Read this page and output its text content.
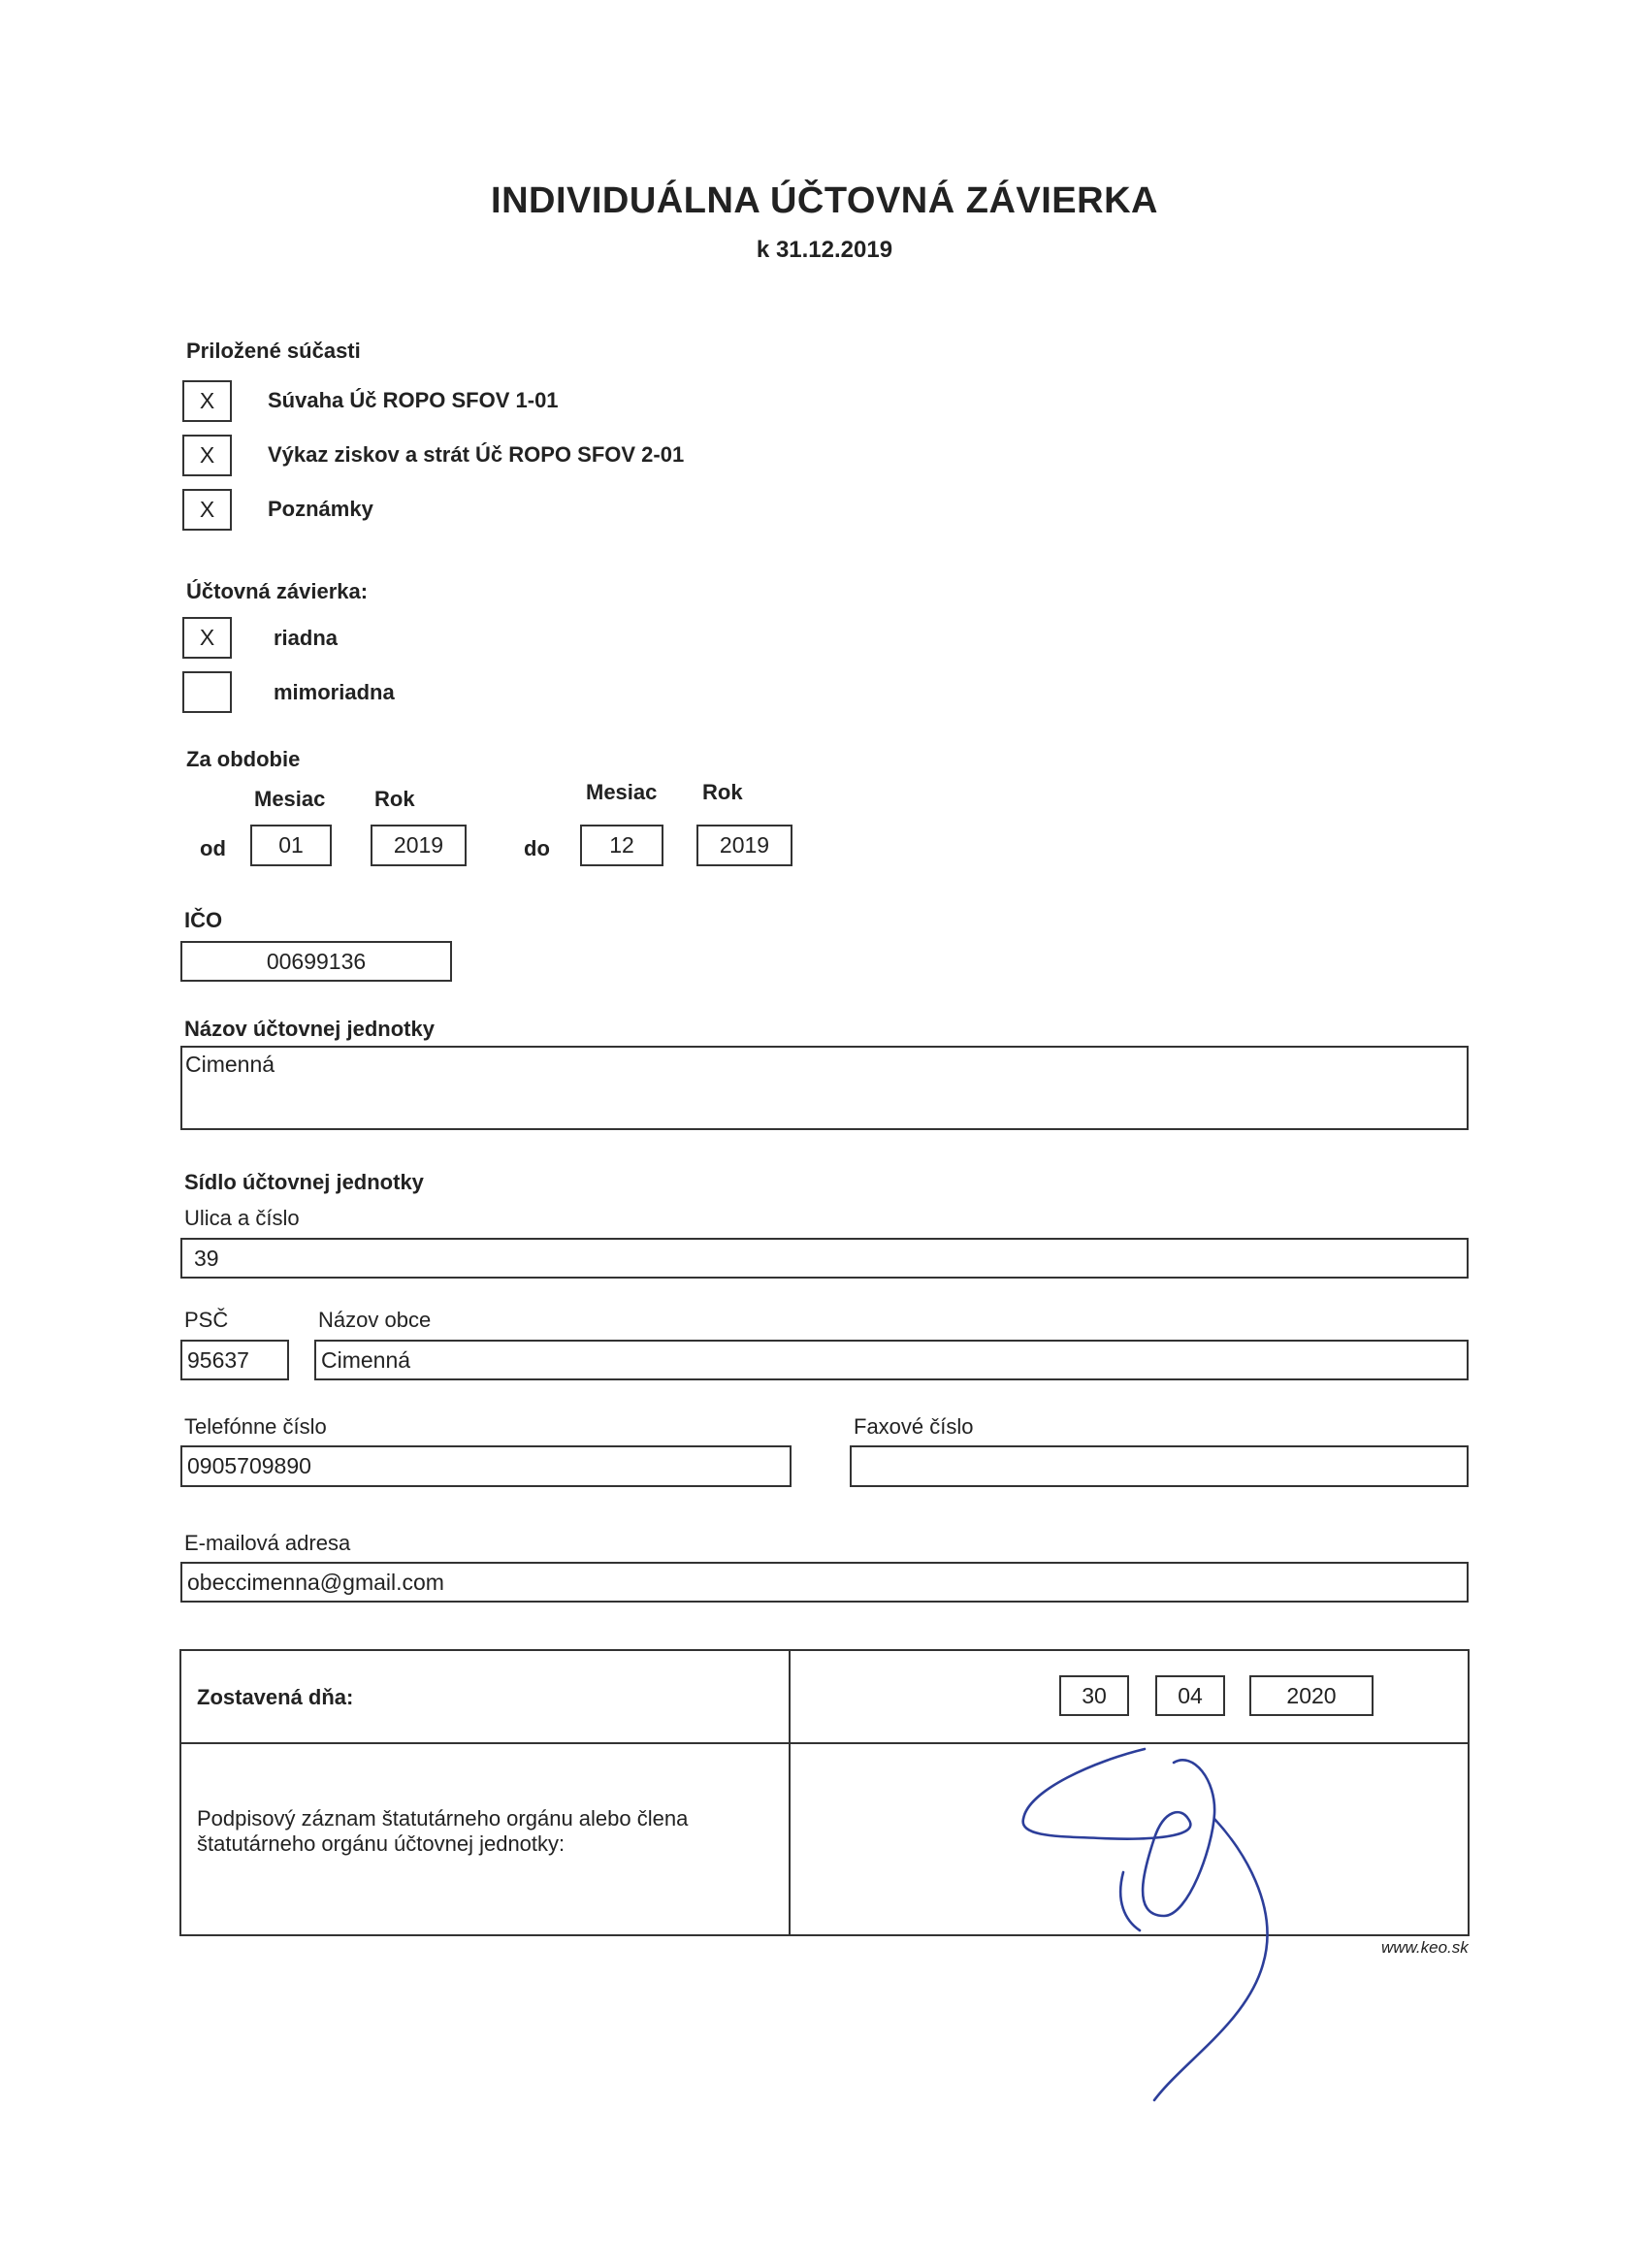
INDIVIDUÁLNA ÚČTOVNÁ ZÁVIERKA
k 31.12.2019
Priložené súčasti
X	Súvaha Úč ROPO SFOV 1-01
X	Výkaz ziskov a strát Úč ROPO SFOV 2-01
X	Poznámky
Účtovná závierka:
X	riadna
mimoriadna
Za obdobie
Mesiac Rok	Mesiac Rok
od	01	2019	do	12	2019
IČO
00699136
Názov účtovnej jednotky
Cimenná
Sídlo účtovnej jednotky
Ulica a číslo
39
PSČ	Názov obce
95637	Cimenná
Telefónne číslo	Faxové číslo
0905709890
E-mailová adresa
obeccimenna@gmail.com
Zostavená dňa:	30	04	2020
Podpisový záznam štatutárneho orgánu alebo člena
štatutárneho orgánu účtovnej jednotky:
www.keo.sk
